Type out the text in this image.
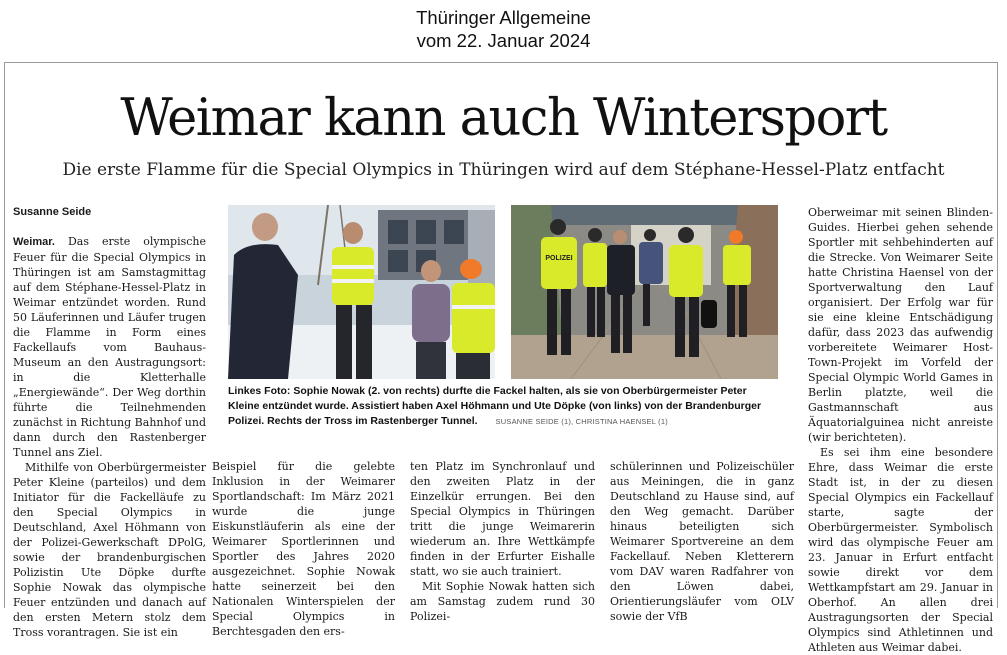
Thüringer Allgemeine
vom 22. Januar 2024
Weimar kann auch Wintersport
Die erste Flamme für die Special Olympics in Thüringen wird auf dem Stéphane-Hessel-Platz entfacht
Susanne Seide

Weimar. Das erste olympische Feuer für die Special Olympics in Thüringen ist am Samstagmittag auf dem Stéphane-Hessel-Platz in Weimar entzündet worden. Rund 50 Läuferinnen und Läufer trugen die Flamme in Form eines Fackellaufs vom Bauhaus-Museum an den Austragungsort: in die Kletterhalle „Energiewände“. Der Weg dorthin führte die Teilnehmenden zunächst in Richtung Bahnhof und dann durch den Rastenberger Tunnel ans Ziel.

Mithilfe von Oberbürgermeister Peter Kleine (parteilos) und dem Initiator für die Fackelläufe zu den Special Olympics in Deutschland, Axel Höhmann von der Polizei-Gewerkschaft DPolG, sowie der brandenburgischen Polizistin Ute Döpke durfte Sophie Nowak das olympische Feuer entzünden und danach auf den ersten Metern stolz dem Tross vorantragen. Sie ist ein

Beispiel für die gelebte Inklusion in der Weimarer Sportlandschaft: Im März 2021 wurde die junge Eiskunstläuferin als eine der Weimarer Sportlerinnen und Sportler des Jahres 2020 ausgezeichnet. Sophie Nowak hatte seinerzeit bei den Nationalen Winterspielen der Special Olympics in Berchtesgaden den ers-

ten Platz im Synchronlauf und den zweiten Platz in der Einzelkür errungen. Bei den Special Olympics in Thüringen tritt die junge Weimarerin wiederum an. Ihre Wettkämpfe finden in der Erfurter Eishalle statt, wo sie auch trainiert.

Mit Sophie Nowak hatten sich am Samstag zudem rund 30 Polizei-

schülerinnen und Polizeischüler aus Meiningen, die in ganz Deutschland zu Hause sind, auf den Weg gemacht. Darüber hinaus beteiligten sich Weimarer Sportvereine an dem Fackellauf. Neben Kletterern vom DAV waren Radfahrer von den Löwen dabei, Orientierungsläufer vom OLV sowie der VfB

Oberweimar mit seinen Blinden-Guides. Hierbei gehen sehende Sportler mit sehbehinderten auf die Strecke. Von Weimarer Seite hatte Christina Haensel von der Sportverwaltung den Lauf organisiert. Der Erfolg war für sie eine kleine Entschädigung dafür, dass 2023 das aufwendig vorbereitete Weimarer Host-Town-Projekt im Vorfeld der Special Olympic World Games in Berlin platzte, weil die Gastmannschaft aus Äquatorialguinea nicht anreiste (wir berichteten).

Es sei ihm eine besondere Ehre, dass Weimar die erste Stadt ist, in der zu diesen Special Olympics ein Fackellauf starte, sagte der Oberbürgermeister. Symbolisch wird das olympische Feuer am 23. Januar in Erfurt entfacht sowie direkt vor dem Wettkampfstart am 29. Januar in Oberhof. An allen drei Austragungsorten der Special Olympics sind Athletinnen und Athleten aus Weimar dabei.

POLIZEI
Linkes Foto: Sophie Nowak (2. von rechts) durfte die Fackel halten, als sie von Oberbürgermeister Peter Kleine entzündet wurde. Assistiert haben Axel Höhmann und Ute Döpke (von links) von der Brandenburger Polizei. Rechts der Tross im Rastenberger Tunnel. SUSANNE SEIDE (1), CHRISTINA HAENSEL (1)
